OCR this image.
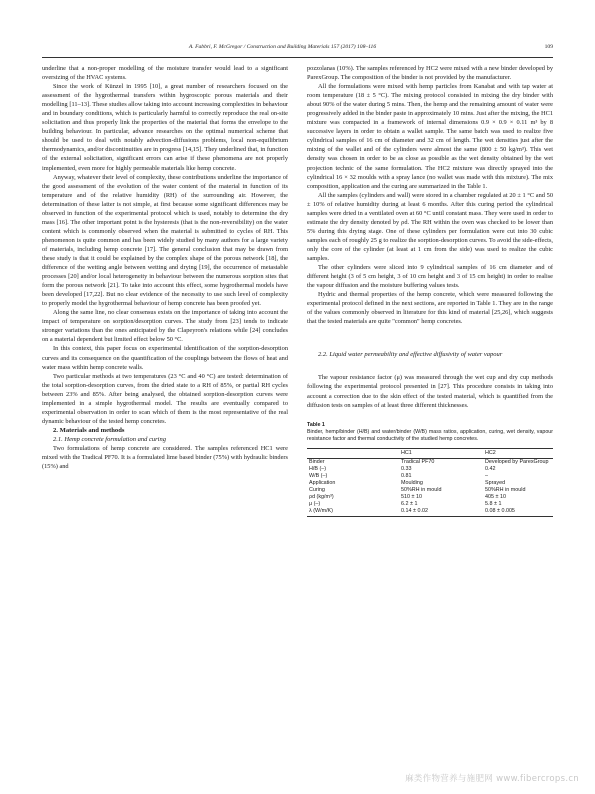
A. Fabbri, F. McGregor / Construction and Building Materials 157 (2017) 108–116	109

underline that a non-proper modelling of the moisture transfer would lead to a significant oversizing of the HVAC systems.

Since the work of Künzel in 1995 [10], a great number of researchers focused on the assessment of the hygrothermal transfers within hygroscopic porous materials and their modelling [11–13]. These studies allow taking into account increasing complexities in behaviour and in boundary conditions, which is particularly harmful to correctly reproduce the real on-site solicitation and thus properly link the properties of the material that forms the envelope to the building behaviour. In particular, advance researches on the optimal numerical scheme that should be used to deal with notably advection-diffusions problems, local non-equilibrium thermodynamics, and/or discontinuities are in progress [14,15]. They underlined that, in function of the external solicitation, significant errors can arise if these phenomena are not properly implemented, even more for highly permeable materials like hemp concrete.

Anyway, whatever their level of complexity, these contributions underline the importance of the good assessment of the evolution of the water content of the material in function of its temperature and of the relative humidity (RH) of the surrounding air. However, the determination of these latter is not simple, at first because some significant differences may be observed in function of the experimental protocol which is used, notably to determine the dry mass [16]. The other important point is the hysteresis (that is the non-reversibility) on the water content which is commonly observed when the material is submitted to cycles of RH. This phenomenon is quite common and has been widely studied by many authors for a large variety of materials, including hemp concrete [17]. The general conclusion that may be drawn from these study is that it could be explained by the complex shape of the porous network [18], the difference of the wetting angle between wetting and drying [19], the occurrence of metastable processes [20] and/or local heterogeneity in behaviour between the numerous sorption sites that form the porous network [21]. To take into account this effect, some hygrothermal models have been developed [17,22]. But no clear evidence of the necessity to use such level of complexity to properly model the hygrothermal behaviour of hemp concrete has been proofed yet.

Along the same line, no clear consensus exists on the importance of taking into account the impact of temperature on sorption/desorption curves. The study from [23] tends to indicate stronger variations than the ones anticipated by the Clapeyron's relations while [24] concludes on a material dependent but limited effect below 50 °C.

In this context, this paper focus on experimental identification of the sorption-desorption curves and its consequence on the quantification of the couplings between the flows of heat and water mass within hemp concrete walls.

Two particular methods at two temperatures (23 °C and 40 °C) are tested: determination of the total sorption-desorption curves, from the dried state to a RH of 85%, or partial RH cycles between 23% and 85%. After being analysed, the obtained sorption-desorption curves were implemented in a simple hygrothermal model. The results are eventually compared to experimental observation in order to scan which of them is the most representative of the real dynamic behaviour of the tested hemp concretes.

2. Materials and methods

2.1. Hemp concrete formulation and curing

Two formulations of hemp concrete are considered. The samples referenced HC1 were mixed with the Tradical PF70. It is a formulated lime based binder (75%) with hydraulic binders (15%) and

pozzolanas (10%). The samples referenced by HC2 were mixed with a new binder developed by ParexGroup. The composition of the binder is not provided by the manufacturer.

All the formulations were mixed with hemp particles from Kanabat and with tap water at room temperature (18 ± 5 °C). The mixing protocol consisted in mixing the dry binder with about 90% of the water during 5 mins. Then, the hemp and the remaining amount of water were progressively added in the binder paste in approximately 10 mins. Just after the mixing, the HC1 mixture was compacted in a framework of internal dimensions 0.9 × 0.9 × 0.11 m³ by 8 successive layers in order to obtain a wallet sample. The same batch was used to realize five cylindrical samples of 16 cm of diameter and 32 cm of length. The wet densities just after the mixing of the wallet and of the cylinders were almost the same (800 ± 50 kg/m³). This wet density was chosen in order to be as close as possible as the wet density obtained by the wet projection technic of the same formulation. The HC2 mixture was directly sprayed into the cylindrical 16 × 32 moulds with a spray lance (no wallet was made with this mixture). The mix composition, application and the curing are summarized in the Table 1.

All the samples (cylinders and wall) were stored in a chamber regulated at 20 ± 1 °C and 50 ± 10% of relative humidity during at least 6 months. After this curing period the cylindrical samples were dried in a ventilated oven at 60 °C until constant mass. They were used in order to estimate the dry density denoted by ρd. The RH within the oven was checked to be lower than 5% during this drying stage. One of these cylinders per formulation were cut into 30 cubic samples each of roughly 25 g to realize the sorption-desorption curves. To avoid the side-effects, only the core of the cylinder (at least at 1 cm from the side) was used to realize the cubic samples.

The other cylinders were sliced into 9 cylindrical samples of 16 cm diameter and of different height (3 of 5 cm height, 3 of 10 cm height and 3 of 15 cm height) in order to realise the vapour diffusion and the moisture buffering values tests.

Hydric and thermal properties of the hemp concrete, which were measured following the experimental protocol defined in the next sections, are reported in Table 1. They are in the range of the values commonly observed in literature for this kind of material [25,26], which suggests that the tested materials are quite "common" hemp concretes.

2.2. Liquid water permeability and effective diffusivity of water vapour

The vapour resistance factor (μ) was measured through the wet cup and dry cup methods following the experimental protocol presented in [27]. This procedure consists in taking into account a correction due to the skin effect of the tested material, which is quantified from the diffusion tests on samples of at least three different thicknesses.

Table 1
Binder, hemp/binder (H/B) and water/binder (W/B) mass ratios, application, curing, wet density, vapour resistance factor and thermal conductivity of the studied hemp concretes.
	HC1	HC2
Binder	Tradical PF70	Developed by ParexGroup
H/B (–)	0.33	0.42
W/B (–)	0.81	–
Application	Moulding	Sprayed
Curing	50%RH in mould	50%RH in mould
ρd (kg/m³)	510 ± 10	405 ± 10
μ (–)	6.2 ± 1	5.8 ± 1
λ (W/m/K)	0.14 ± 0.02	0.08 ± 0.005
麻类作物营养与施肥网 www.fibercrops.cn
